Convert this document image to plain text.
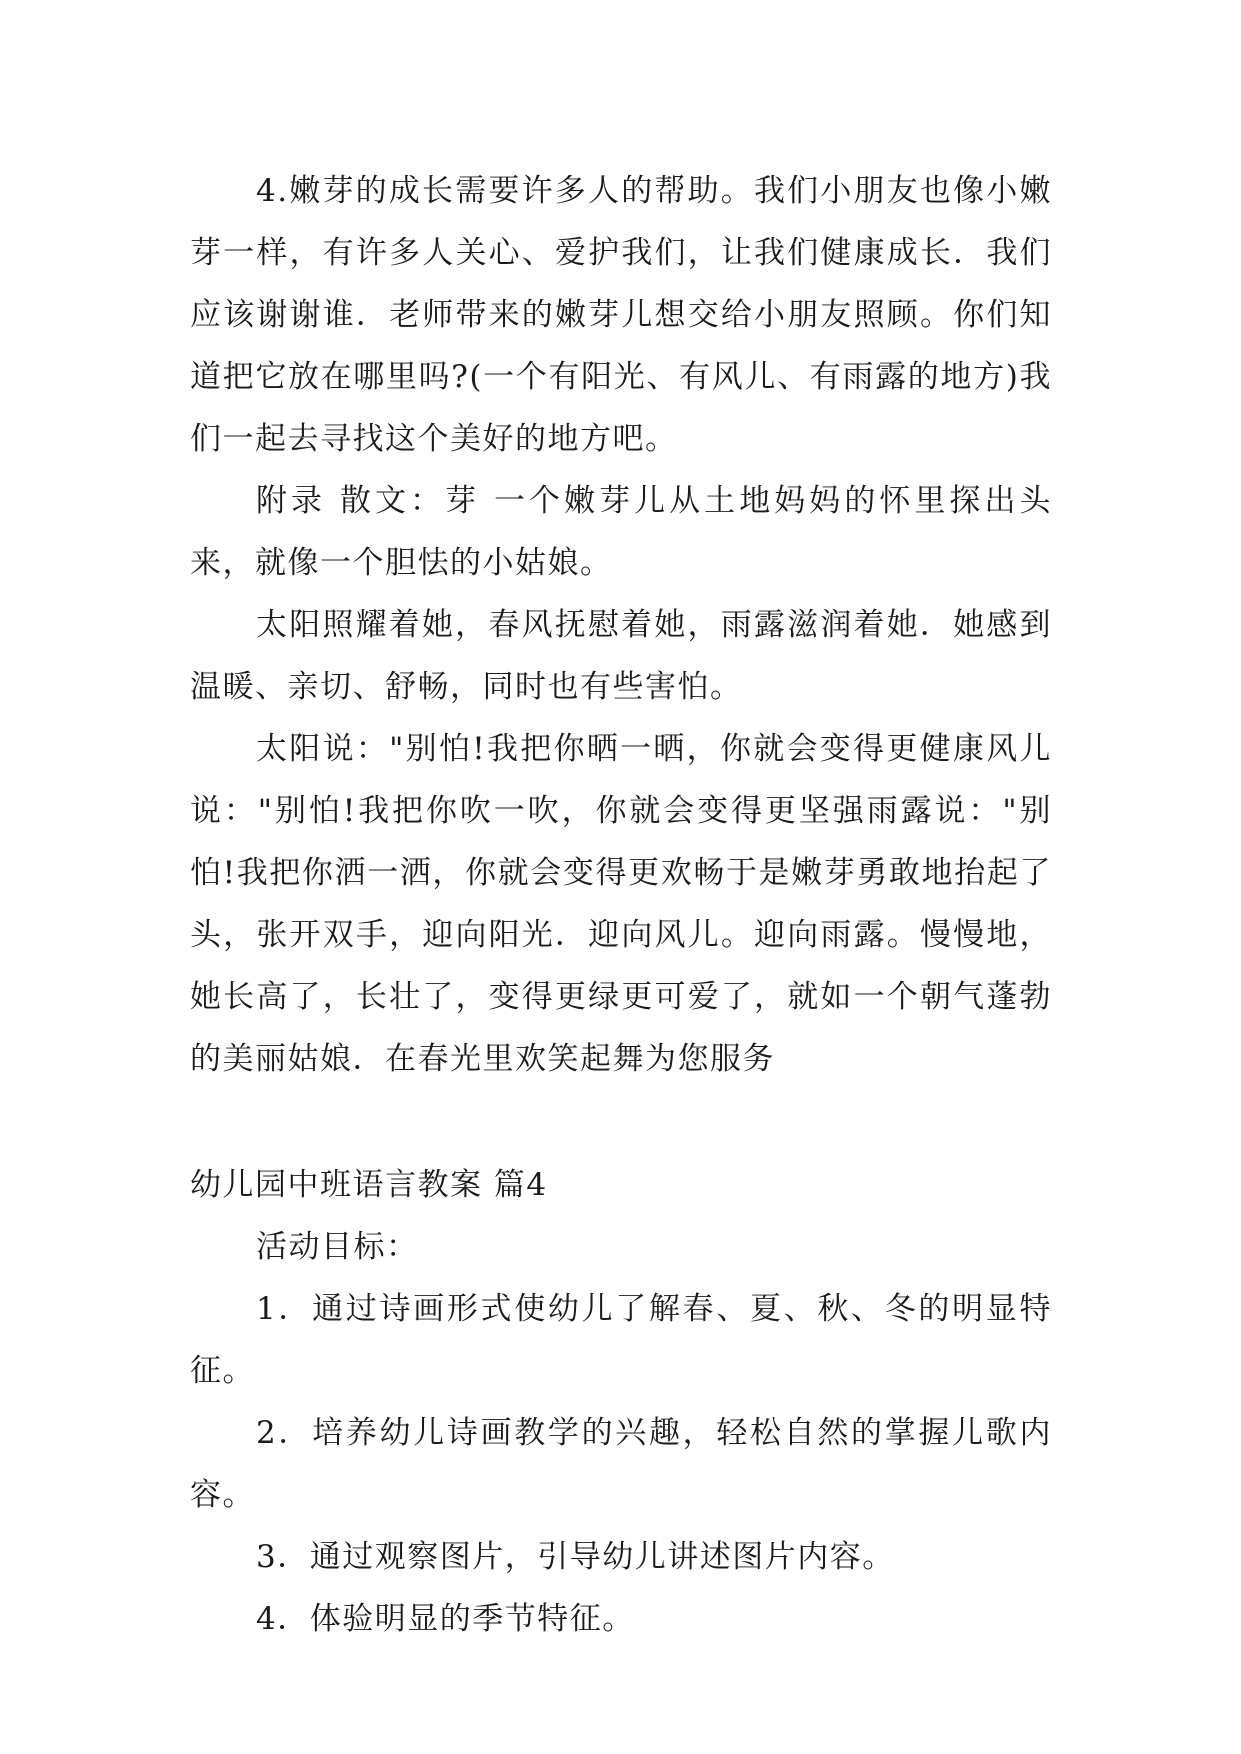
4.嫩芽的成长需要许多人的帮助。我们小朋友也像小嫩芽一样，有许多人关心、爱护我们，让我们健康成长．我们应该谢谢谁．老师带来的嫩芽儿想交给小朋友照顾。你们知道把它放在哪里吗?(一个有阳光、有风儿、有雨露的地方)我们一起去寻找这个美好的地方吧。

附录 散文：芽 一个嫩芽儿从土地妈妈的怀里探出头来，就像一个胆怯的小姑娘。

太阳照耀着她，春风抚慰着她，雨露滋润着她．她感到温暖、亲切、舒畅，同时也有些害怕。

太阳说："别怕!我把你晒一晒，你就会变得更健康风儿说："别怕!我把你吹一吹，你就会变得更坚强雨露说："别怕!我把你洒一洒，你就会变得更欢畅于是嫩芽勇敢地抬起了头，张开双手，迎向阳光．迎向风儿。迎向雨露。慢慢地，她长高了，长壮了，变得更绿更可爱了，就如一个朝气蓬勃的美丽姑娘．在春光里欢笑起舞为您服务

幼儿园中班语言教案 篇4

活动目标：

1．通过诗画形式使幼儿了解春、夏、秋、冬的明显特征。

2．培养幼儿诗画教学的兴趣，轻松自然的掌握儿歌内容。

3．通过观察图片，引导幼儿讲述图片内容。

4．体验明显的季节特征。
